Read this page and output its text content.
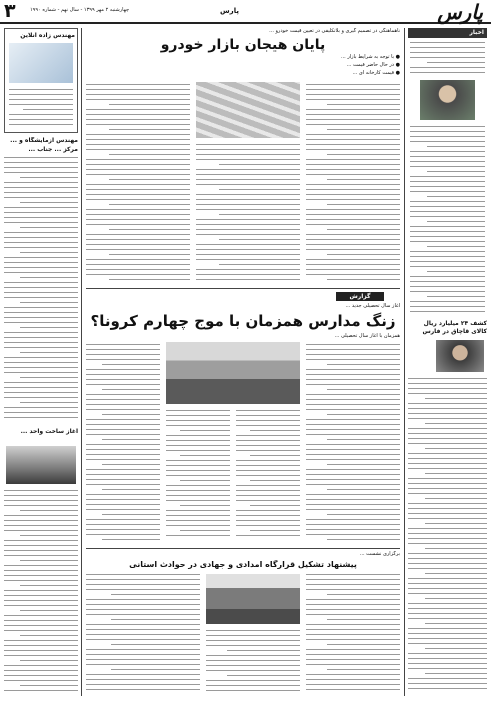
۳	چهارشنبه ۲ مهر ۱۳۹۹ - سال نهم - شماره ۱۹۹۰	پارس	پارس
مهندس زاده آنلاین
مهندس آزمایشگاه و ...
مرکز ... جناب ...
آغاز ساخت واحد ...
ناهماهنگی در تصمیم گیری و بلاتکلیفی در تعیین قیمت خودرو ...
پایان هیجان بازار خودرو
● با توجه به شرایط بازار ...
● در حال حاضر قیمت ...
● قیمت کارخانه ای ...
اخبار
کشف ۲۴ میلیارد ریال کالای قاچاق در فارس
گزارش
آغاز سال تحصیلی جدید ...
زنگ مدارس همزمان با موج چهارم کرونا؟
همزمان با آغاز سال تحصیلی ...
برگزاری نشست ...
پیشنهاد تشکیل قرارگاه امدادی و جهادی در حوادث استانی
